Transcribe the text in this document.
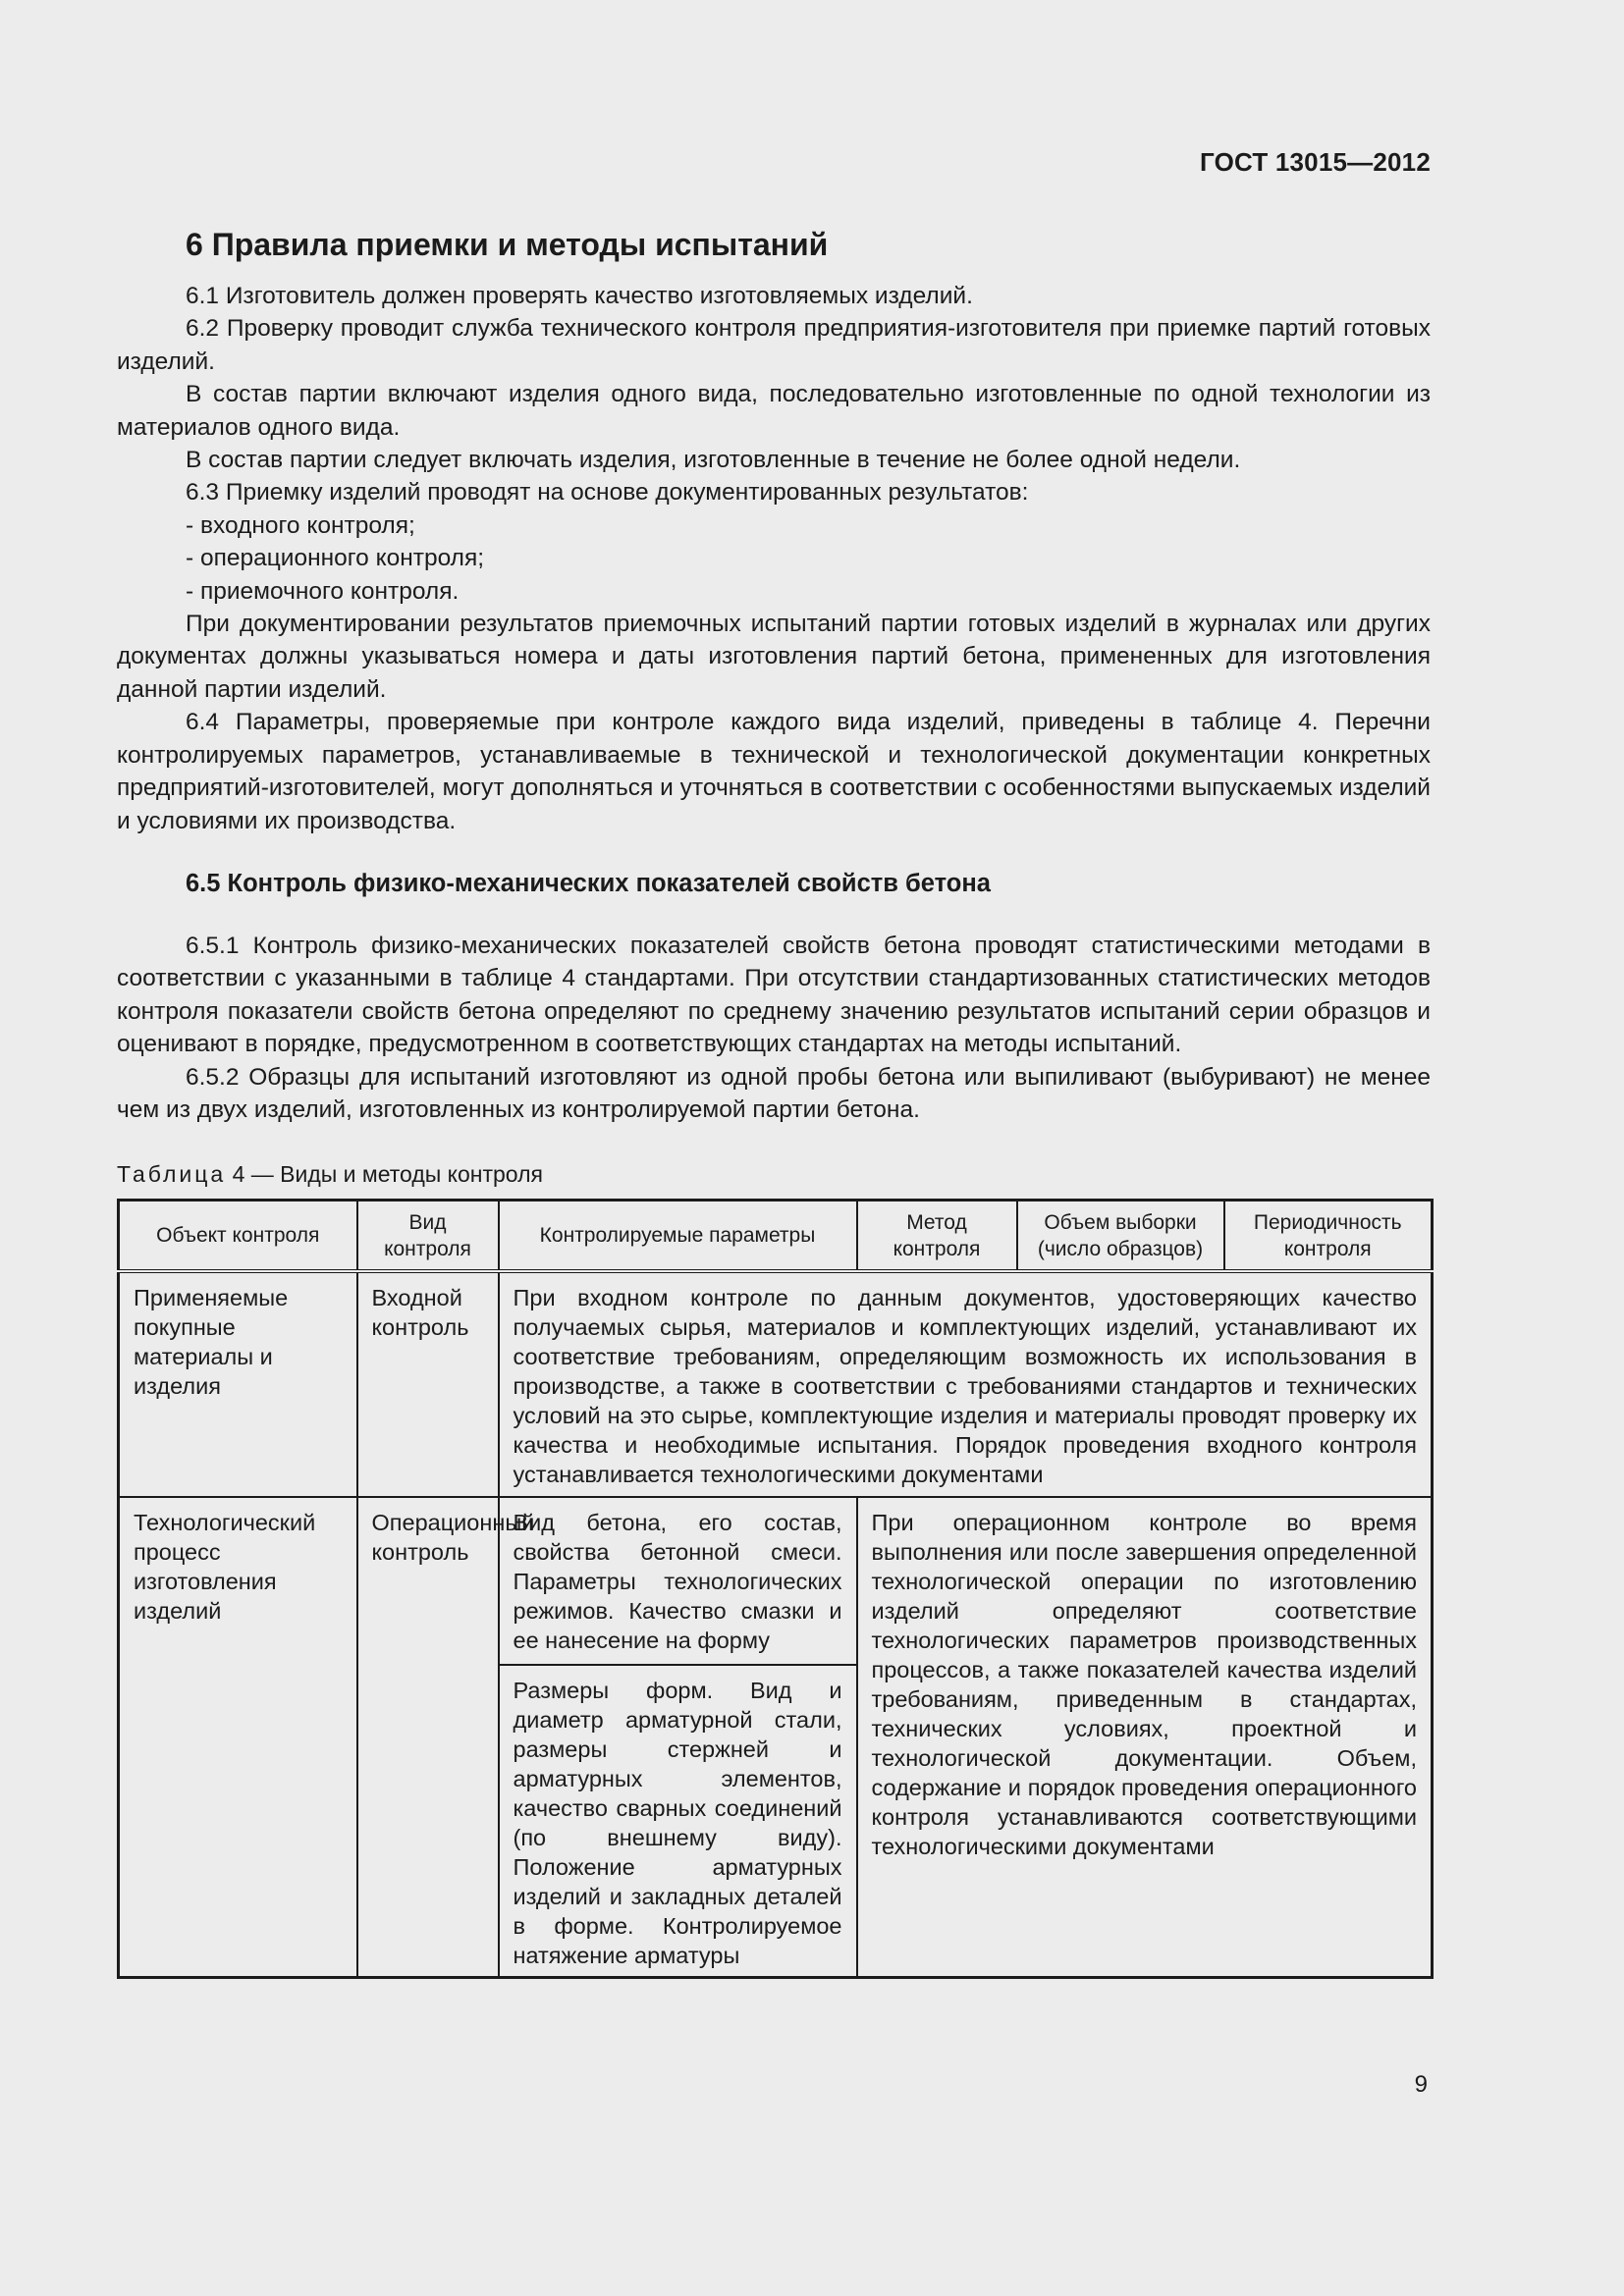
ГОСТ 13015—2012
6 Правила приемки и методы испытаний

6.1 Изготовитель должен проверять качество изготовляемых изделий.

6.2 Проверку проводит служба технического контроля предприятия-изготовителя при приемке партий готовых изделий.

В состав партии включают изделия одного вида, последовательно изготовленные по одной технологии из материалов одного вида.

В состав партии следует включать изделия, изготовленные в течение не более одной недели.

6.3 Приемку изделий проводят на основе документированных результатов:

- входного контроля;

- операционного контроля;

- приемочного контроля.

При документировании результатов приемочных испытаний партии готовых изделий в журналах или других документах должны указываться номера и даты изготовления партий бетона, примененных для изготовления данной партии изделий.

6.4 Параметры, проверяемые при контроле каждого вида изделий, приведены в таблице 4. Перечни контролируемых параметров, устанавливаемые в технической и технологической документации конкретных предприятий-изготовителей, могут дополняться и уточняться в соответствии с особенностями выпускаемых изделий и условиями их производства.

6.5 Контроль физико-механических показателей свойств бетона

6.5.1 Контроль физико-механических показателей свойств бетона проводят статистическими методами в соответствии с указанными в таблице 4 стандартами. При отсутствии стандартизованных статистических методов контроля показатели свойств бетона определяют по среднему значению результатов испытаний серии образцов и оценивают в порядке, предусмотренном в соответствующих стандартах на методы испытаний.

6.5.2 Образцы для испытаний изготовляют из одной пробы бетона или выпиливают (выбуривают) не менее чем из двух изделий, изготовленных из контролируемой партии бетона.

Таблица 4 — Виды и методы контроля
Объект контроля	Вид контроля	Контролируемые параметры	Метод контроля	Объем выборки (число образцов)	Периодичность контроля
Применяемые покупные материалы и изделия	Входной контроль	При входном контроле по данным документов, удостоверяющих качество получаемых сырья, материалов и комплектующих изделий, устанавливают их соответствие требованиям, определяющим возможность их использования в производстве, а также в соответствии с требованиями стандартов и технических условий на это сырье, комплектующие изделия и материалы проводят проверку их качества и необходимые испытания. Порядок проведения входного контроля устанавливается технологическими документами			
Технологический процесс изготовления изделий	Операционный контроль	Вид бетона, его состав, свойства бетонной смеси. Параметры технологических режимов. Качество смазки и ее нанесение на форму	При операционном контроле во время выполнения или после завершения определенной технологической операции по изготовлению изделий определяют соответствие технологических параметров производственных процессов, а также показателей качества изделий требованиям, приведенным в стандартах, технических условиях, проектной и технологической документации. Объем, содержание и порядок проведения операционного контроля устанавливаются соответствующими технологическими документами		
		Размеры форм. Вид и диаметр арматурной стали, размеры стержней и арматурных элементов, качество сварных соединений (по внешнему виду). Положение арматурных изделий и закладных деталей в форме. Контролируемое натяжение арматуры			
9
